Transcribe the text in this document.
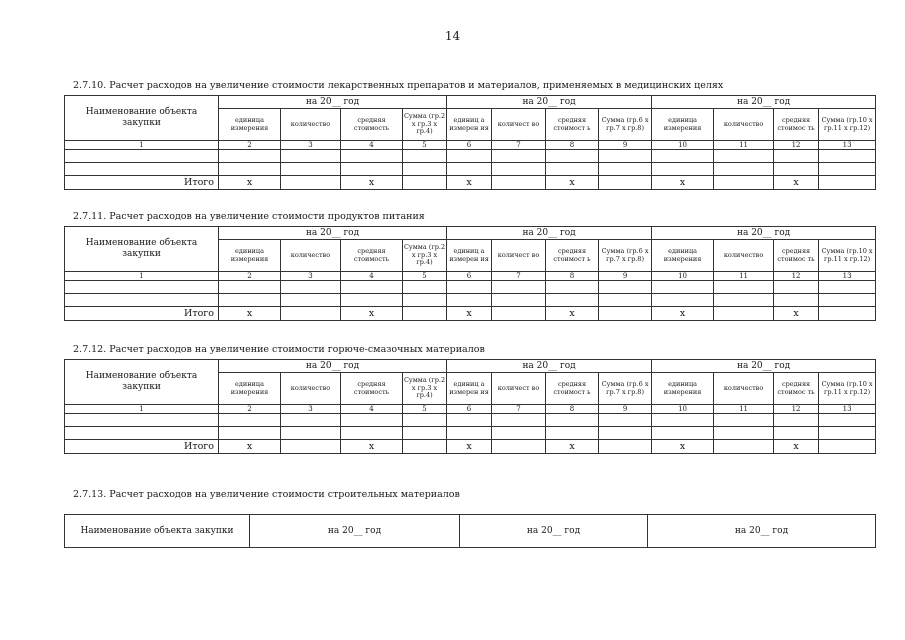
14
2.7.10. Расчет расходов на увеличение стоимости лекарственных препаратов и материалов, применяемых в медицинских целях
Наименование объекта закупки	на 20__ год				на 20__ год				на 20__ год			
	единица измерения	количество	средняя стоимость	Сумма (гр.2 х гр.3 х гр.4)	единиц а измерен ия	количест во	средняя стоимост ь	Сумма (гр.6 х гр.7 х гр.8)	единица измерения	количество	средняя стоимос ть	Сумма (гр.10 х гр.11 х гр.12)
1	2	3	4	5	6	7	8	9	10	11	12	13

Итого	x		x		x		x		x		x	
2.7.11. Расчет расходов на увеличение стоимости продуктов питания
Наименование объекта закупки	на 20__ год				на 20__ год				на 20__ год			
	единица измерения	количество	средняя стоимость	Сумма (гр.2 х гр.3 х гр.4)	единиц а измерен ия	количест во	средняя стоимост ь	Сумма (гр.6 х гр.7 х гр.8)	единица измерения	количество	средняя стоимос ть	Сумма (гр.10 х гр.11 х гр.12)
1	2	3	4	5	6	7	8	9	10	11	12	13

Итого	x		x		x		x		x		x	
2.7.12. Расчет расходов на увеличение стоимости горюче-смазочных материалов
Наименование объекта закупки	на 20__ год				на 20__ год				на 20__ год			
	единица измерения	количество	средняя стоимость	Сумма (гр.2 х гр.3 х гр.4)	единиц а измерен ия	количест во	средняя стоимост ь	Сумма (гр.6 х гр.7 х гр.8)	единица измерения	количество	средняя стоимос ть	Сумма (гр.10 х гр.11 х гр.12)
1	2	3	4	5	6	7	8	9	10	11	12	13

Итого	x		x		x		x		x		x	
2.7.13. Расчет расходов на увеличение стоимости строительных материалов
Наименование объекта закупки	на 20__ год	на 20__ год	на 20__ год
